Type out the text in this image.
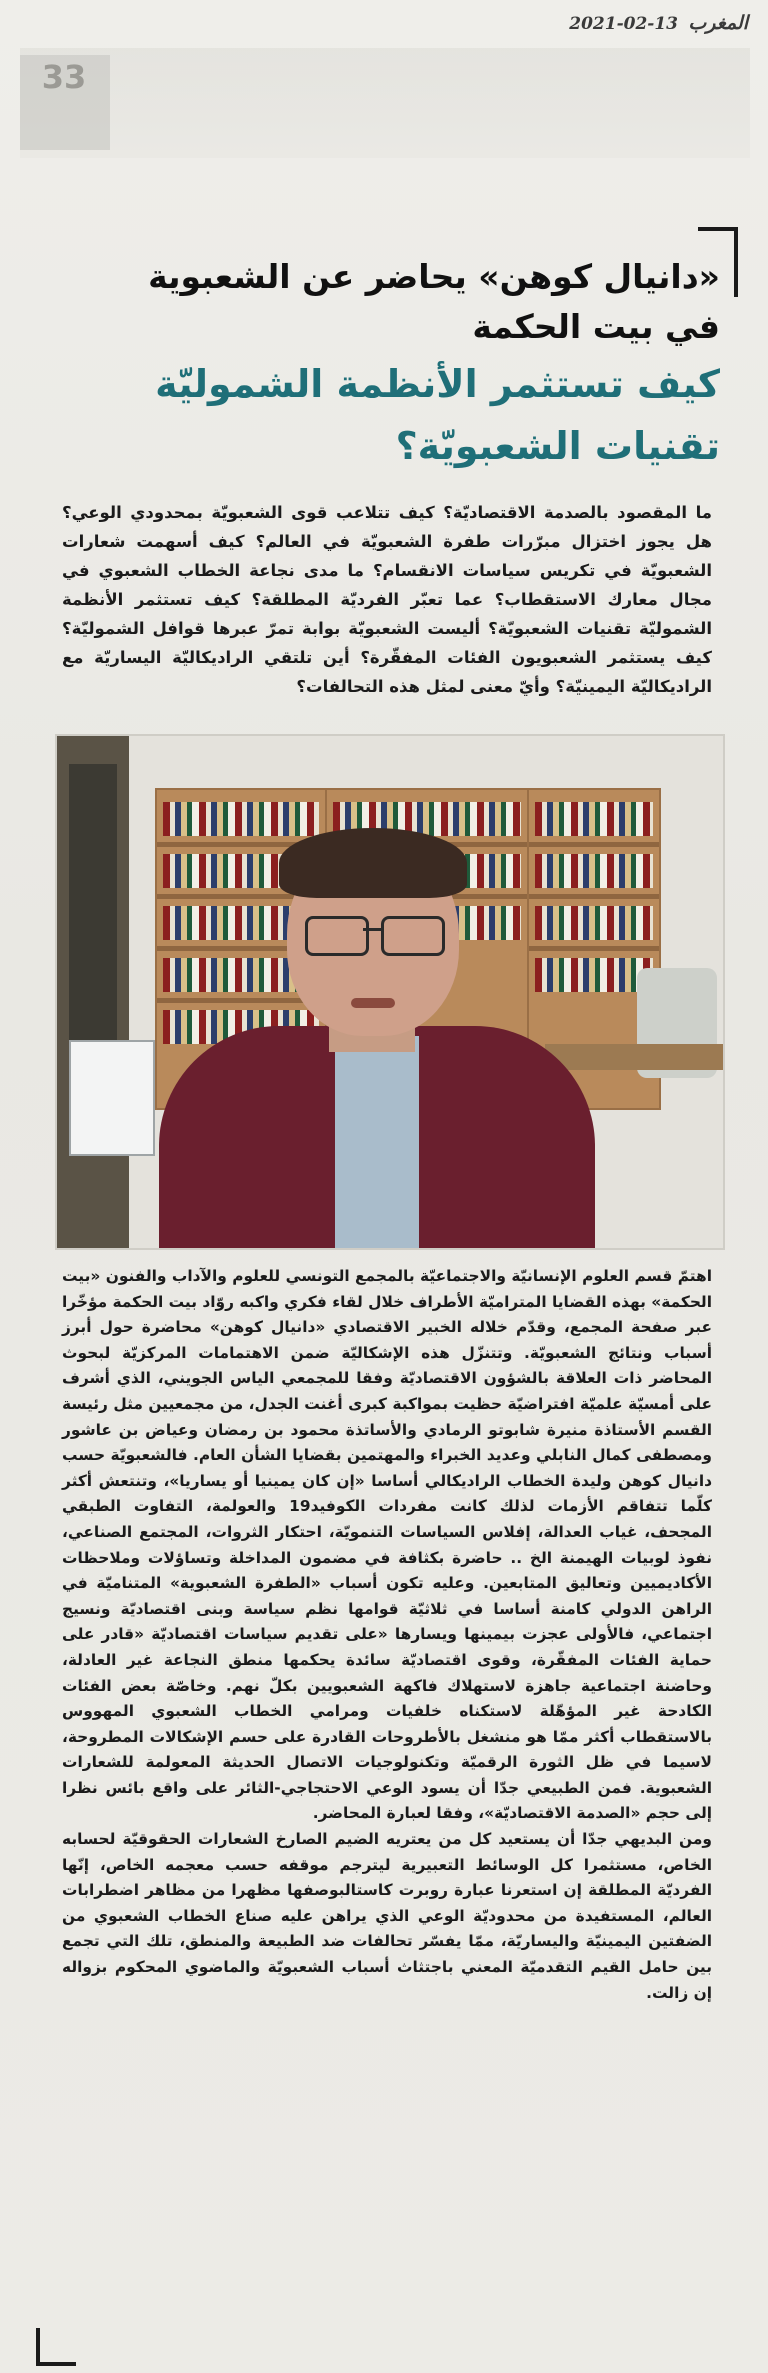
المغرب
2021-02-13
33
«دانيال كوهن» يحاضر عن الشعبوية
في بيت الحكمة
كيف تستثمر الأنظمة الشموليّة
تقنيات الشعبويّة؟
ما المقصود بالصدمة الاقتصاديّة؟ كيف تتلاعب قوى الشعبويّة بمحدودي الوعي؟ هل يجوز اختزال مبرّرات طفرة الشعبويّة في العالم؟ كيف أسهمت شعارات الشعبويّة في تكريس سياسات الانقسام؟ ما مدى نجاعة الخطاب الشعبوي في مجال معارك الاستقطاب؟ عما تعبّر الفرديّة المطلقة؟ كيف تستثمر الأنظمة الشموليّة تقنيات الشعبويّة؟ أليست الشعبويّة بوابة تمرّ عبرها قوافل الشموليّة؟ كيف يستثمر الشعبويون الفئات المفقّرة؟ أين تلتقي الراديكاليّة اليساريّة مع الراديكاليّة اليمينيّة؟ وأيّ معنى لمثل هذه التحالفات؟

اهتمّ قسم العلوم الإنسانيّة والاجتماعيّة بالمجمع التونسي للعلوم والآداب والفنون «بيت الحكمة» بهذه القضايا المتراميّة الأطراف خلال لقاء فكري واكبه روّاد بيت الحكمة مؤخّرا عبر صفحة المجمع، وقدّم خلاله الخبير الاقتصادي «دانيال كوهن» محاضرة حول أبرز أسباب ونتائج الشعبويّة. وتتنزّل هذه الإشكاليّة ضمن الاهتمامات المركزيّة لبحوث المحاضر ذات العلاقة بالشؤون الاقتصاديّة وفقا للمجمعي الياس الجويني، الذي أشرف على أمسيّة علميّة افتراضيّة حظيت بمواكبة كبرى أغنت الجدل، من مجمعيين مثل رئيسة القسم الأستاذة منيرة شابوتو الرمادي والأساتذة محمود بن رمضان وعياض بن عاشور ومصطفى كمال النابلي وعديد الخبراء والمهتمين بقضايا الشأن العام. فالشعبويّة حسب دانيال كوهن وليدة الخطاب الراديكالي أساسا «إن كان يمينيا أو يساريا»، وتنتعش أكثر كلّما تتفاقم الأزمات لذلك كانت مفردات الكوفيد19 والعولمة، التفاوت الطبقي المجحف، غياب العدالة، إفلاس السياسات التنمويّة، احتكار الثروات، المجتمع الصناعي، نفوذ لوبيات الهيمنة الخ .. حاضرة بكثافة في مضمون المداخلة وتساؤلات وملاحظات الأكاديميين وتعاليق المتابعين. وعليه تكون أسباب «الطفرة الشعبوية» المتناميّة في الراهن الدولي كامنة أساسا في ثلاثيّة قوامها نظم سياسة وبنى اقتصاديّة ونسيج اجتماعي، فالأولى عجزت بيمينها ويسارها «على تقديم سياسات اقتصاديّة «قادر على حماية الفئات المفقّرة، وقوى اقتصاديّة سائدة يحكمها منطق النجاعة غير العادلة، وحاضنة اجتماعية جاهزة لاستهلاك فاكهة الشعبويين بكلّ نهم. وخاصّة بعض الفئات الكادحة غير المؤهّلة لاستكناه خلفيات ومرامي الخطاب الشعبوي المهووس بالاستقطاب أكثر ممّا هو منشغل بالأطروحات القادرة على حسم الإشكالات المطروحة، لاسيما في ظل الثورة الرقميّة وتكنولوجيات الاتصال الحديثة المعولمة للشعارات الشعبوية. فمن الطبيعي جدّا أن يسود الوعي الاحتجاجي-الثائر على واقع بائس نظرا إلى حجم «الصدمة الاقتصاديّة»، وفقا لعبارة المحاضر.

ومن البديهي جدّا أن يستعيد كل من يعتريه الضيم الصارخ الشعارات الحقوقيّة لحسابه الخاص، مستثمرا كل الوسائط التعبيرية ليترجم موقفه حسب معجمه الخاص، إنّها الفرديّة المطلقة إن استعرنا عبارة روبرت كاستالبوصفها مظهرا من مظاهر اضطرابات العالم، المستفيدة من محدوديّة الوعي الذي يراهن عليه صناع الخطاب الشعبوي من الضفتين اليمينيّة واليساريّة، ممّا يفسّر تحالفات ضد الطبيعة والمنطق، تلك التي تجمع بين حامل القيم التقدميّة المعني باجتثاث أسباب الشعبويّة والماضوي المحكوم بزواله إن زالت.
